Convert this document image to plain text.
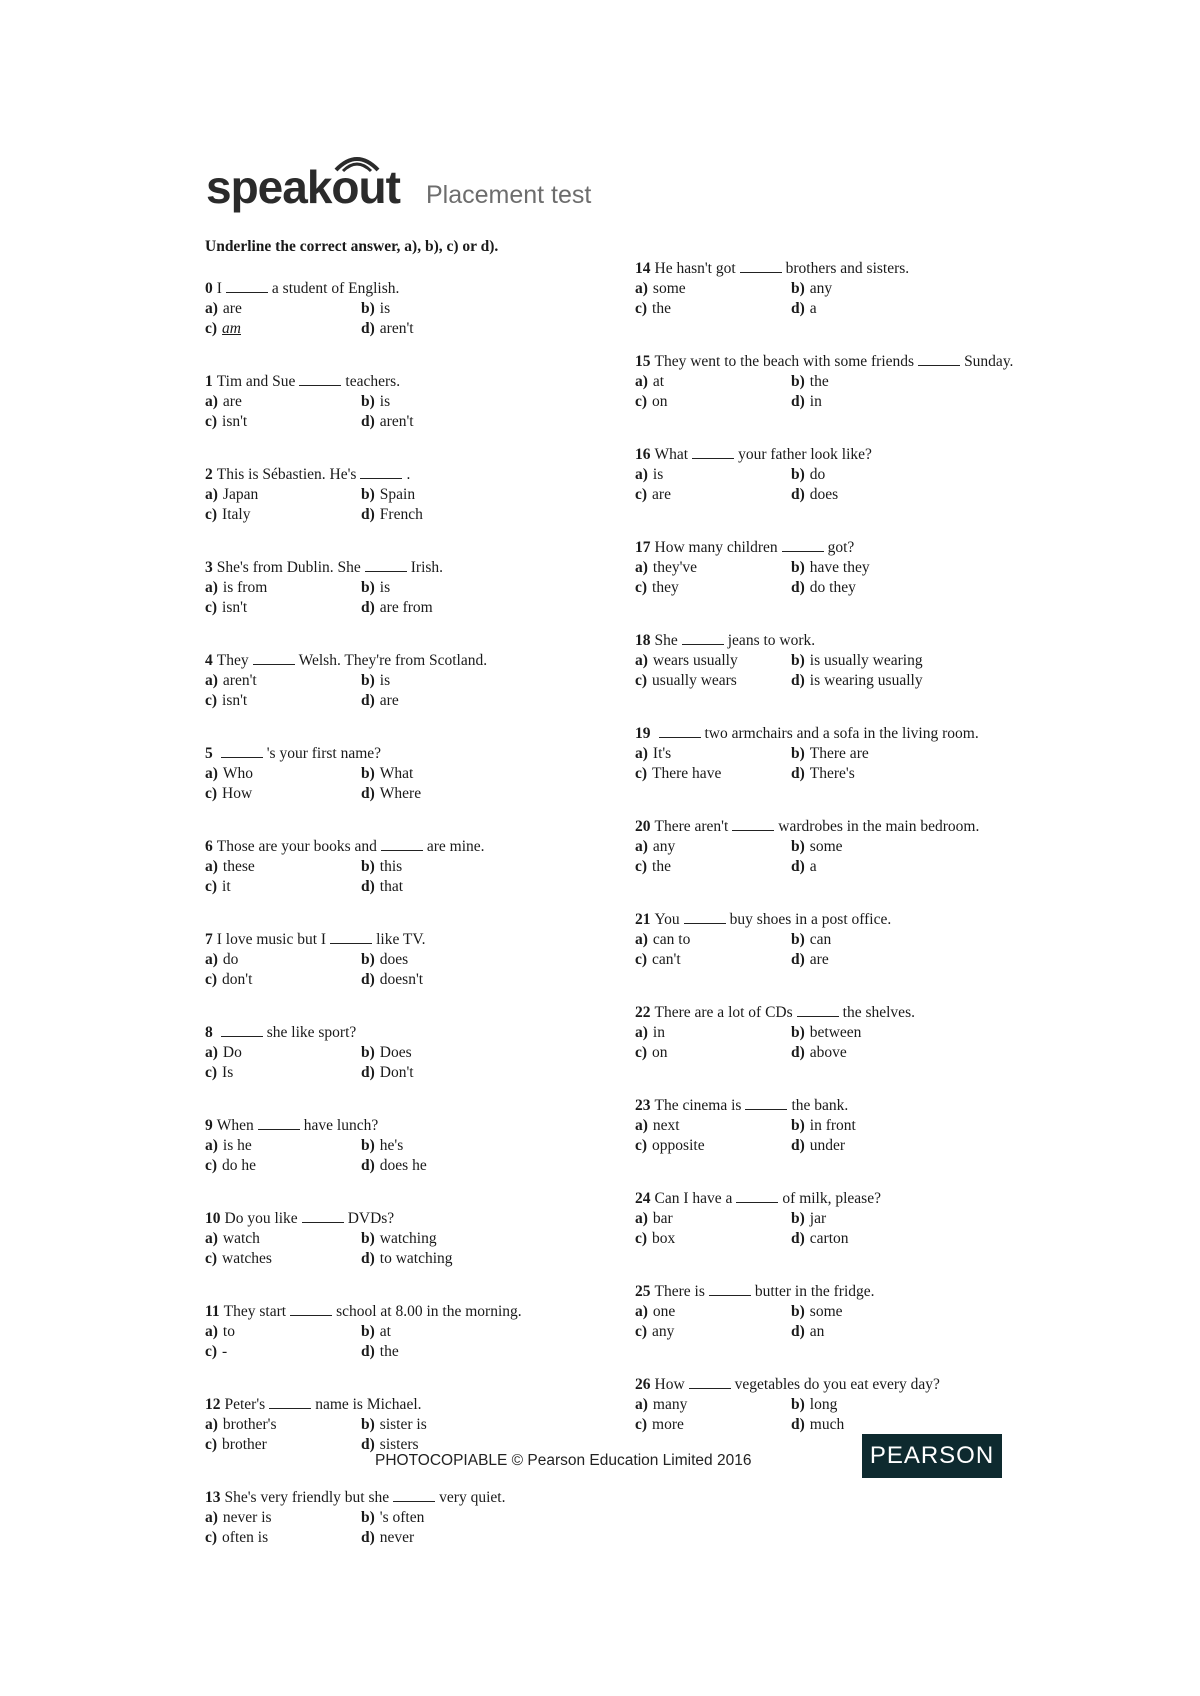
speakout Placement test
Underline the correct answer, a), b), c) or d).
0 I	a student of English.
a) are	b) is
c) am	d) aren't
1 Tim and Sue	teachers.
a) are	b) is
c) isn't	d) aren't
2 This is Sébastien. He's	.
a) Japan	b) Spain
c) Italy	d) French
3 She's from Dublin. She	Irish.
a) is from	b) is
c) isn't	d) are from
4 They	Welsh. They're from Scotland.
a) aren't	b) is
c) isn't	d) are
5	's your first name?
a) Who	b) What
c) How	d) Where
6 Those are your books and	are mine.
a) these	b) this
c) it	d) that
7 I love music but I	like TV.
a) do	b) does
c) don't	d) doesn't
8	she like sport?
a) Do	b) Does
c) Is	d) Don't
9 When	have lunch?
a) is he	b) he's
c) do he	d) does he
10 Do you like	DVDs?
a) watch	b) watching
c) watches	d) to watching
11 They start	school at 8.00 in the morning.
a) to	b) at
c) -	d) the
12 Peter's	name is Michael.
a) brother's	b) sister is
c) brother	d) sisters
13 She's very friendly but she	very quiet.
a) never is	b) 's often
c) often is	d) never
14 He hasn't got	brothers and sisters.
a) some	b) any
c) the	d) a
15 They went to the beach with some friends	Sunday.
a) at	b) the
c) on	d) in
16 What	your father look like?
a) is	b) do
c) are	d) does
17 How many children	got?
a) they've	b) have they
c) they	d) do they
18 She	jeans to work.
a) wears usually	b) is usually wearing
c) usually wears	d) is wearing usually
19	two armchairs and a sofa in the living room.
a) It's	b) There are
c) There have	d) There's
20 There aren't	wardrobes in the main bedroom.
a) any	b) some
c) the	d) a
21 You	buy shoes in a post office.
a) can to	b) can
c) can't	d) are
22 There are a lot of CDs	the shelves.
a) in	b) between
c) on	d) above
23 The cinema is	the bank.
a) next	b) in front
c) opposite	d) under
24 Can I have a	of milk, please?
a) bar	b) jar
c) box	d) carton
25 There is	butter in the fridge.
a) one	b) some
c) any	d) an
26 How	vegetables do you eat every day?
a) many	b) long
c) more	d) much
PHOTOCOPIABLE © Pearson Education Limited 2016	PEARSON
